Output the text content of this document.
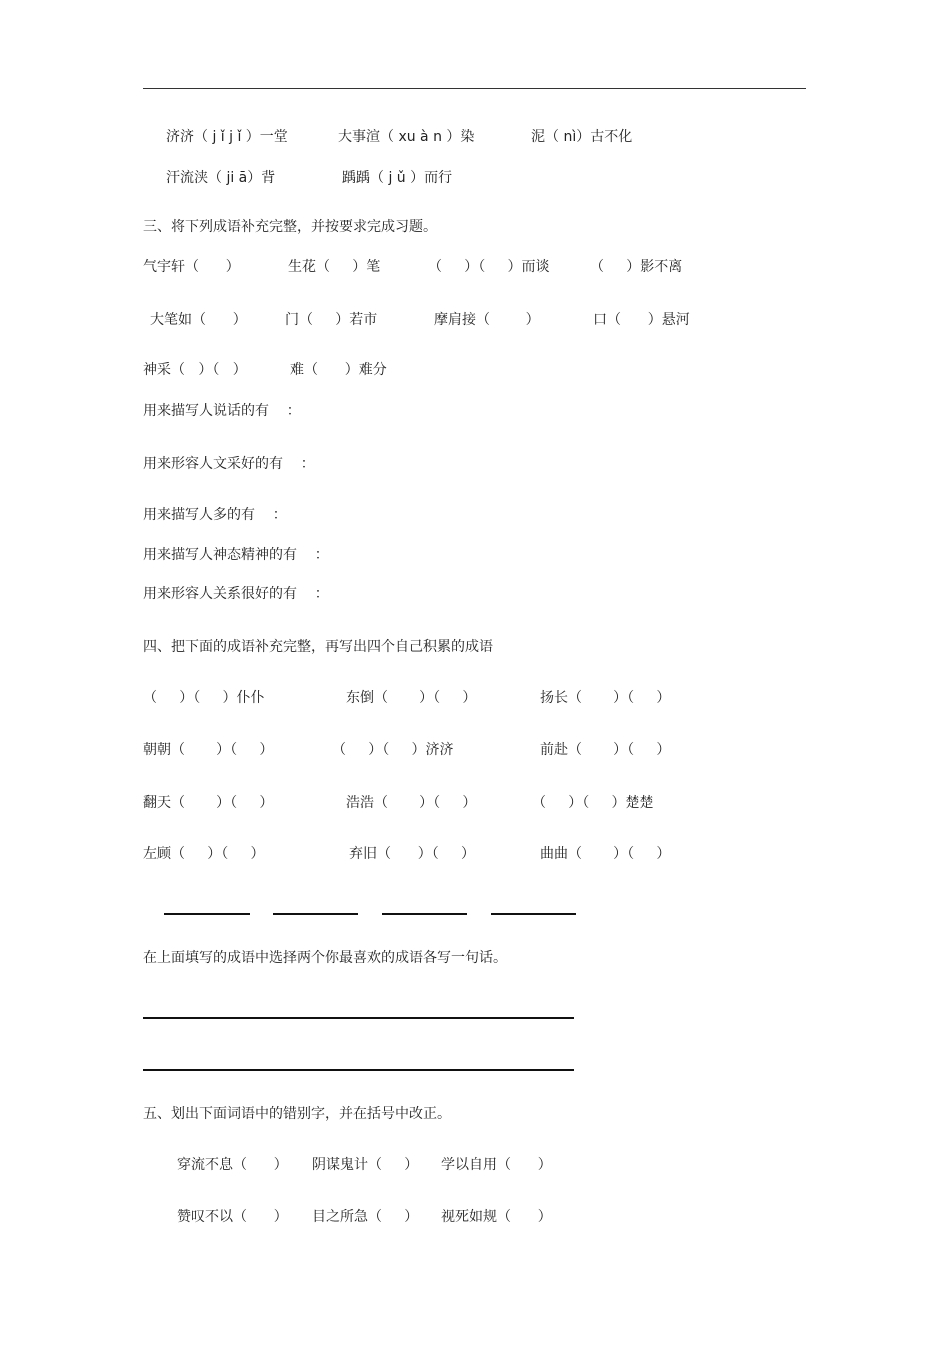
济济（ j ǐ j ǐ ）一堂	大事渲（ xu à n ）染	泥（ nì）古不化
汗流浃（ ji ā）背	踽踽（ j ǔ ）而行
三、将下列成语补充完整，并按要求完成习题。
气宇轩（      ）	生花（     ）笔	（     ）（     ）而谈	（     ）影不离
大笔如（      ）	门（     ）若市	摩肩接（        ）	口（      ）悬河
神采（   ）（   ）	难（      ）难分
用来描写人说话的有    ：
用来形容人文采好的有    ：
用来描写人多的有    ：
用来描写人神态精神的有    ：
用来形容人关系很好的有    ：
四、把下面的成语补充完整，再写出四个自己积累的成语
（     ）（     ）仆仆	东倒（       ）（     ）	扬长（       ）（     ）
朝朝（       ）（     ）	（     ）（     ）济济	前赴（       ）（     ）
翻天（       ）（     ）	浩浩（       ）（     ）	（     ）（     ）楚楚
左顾（     ）（     ）	弃旧（      ）（     ）	曲曲（       ）（     ）
在上面填写的成语中选择两个你最喜欢的成语各写一句话。
五、划出下面词语中的错别字，并在括号中改正。
穿流不息（      ） 阴谋鬼计（     ） 学以自用（      ）
赞叹不以（      ） 目之所急（     ） 视死如规（      ）
